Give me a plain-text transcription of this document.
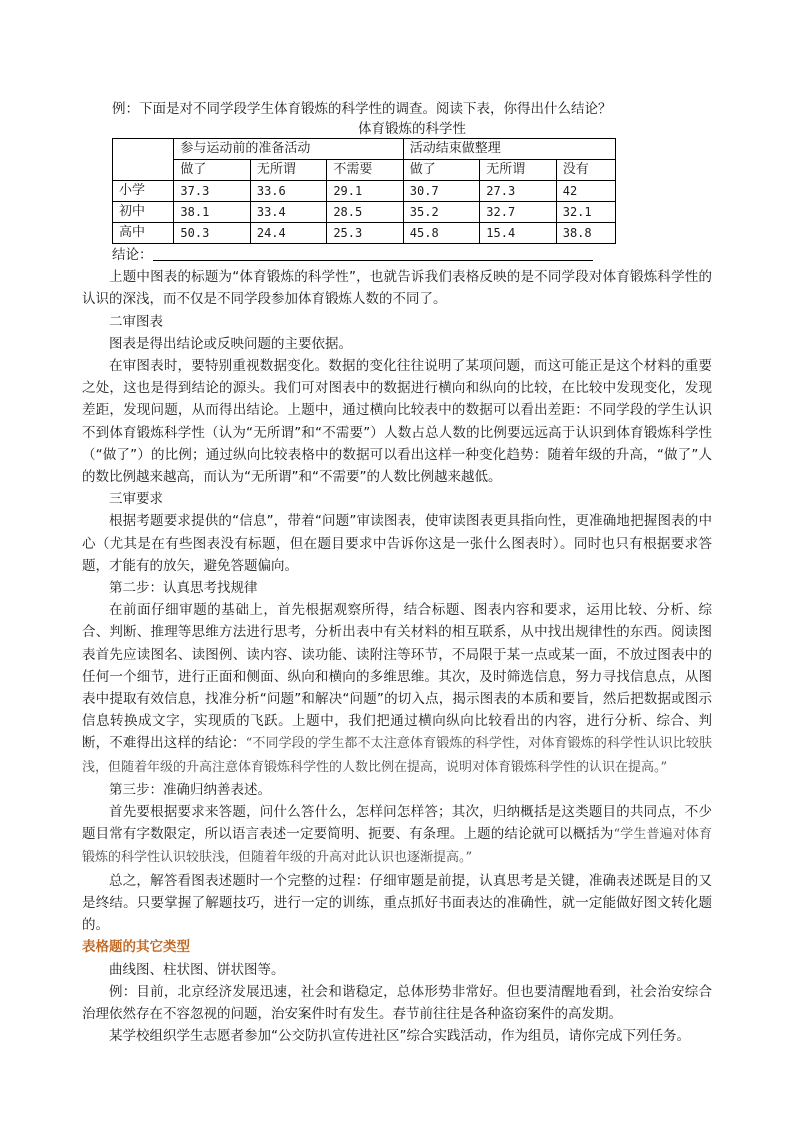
例：下面是对不同学段学生体育锻炼的科学性的调查。阅读下表，你得出什么结论？

体育锻炼的科学性

	参与运动前的准备活动			活动结束做整理		
	做了	无所谓	不需要	做了	无所谓	没有
小学	37.3	33.6	29.1	30.7	27.3	42
初中	38.1	33.4	28.5	35.2	32.7	32.1
高中	50.3	24.4	25.3	45.8	15.4	38.8
结论：

上题中图表的标题为“体育锻炼的科学性”，也就告诉我们表格反映的是不同学段对体育锻炼科学性的认识的深浅，而不仅是不同学段参加体育锻炼人数的不同了。

二审图表

图表是得出结论或反映问题的主要依据。

在审图表时，要特别重视数据变化。数据的变化往往说明了某项问题，而这可能正是这个材料的重要之处，这也是得到结论的源头。我们可对图表中的数据进行横向和纵向的比较，在比较中发现变化，发现差距，发现问题，从而得出结论。上题中，通过横向比较表中的数据可以看出差距：不同学段的学生认识不到体育锻炼科学性（认为“无所谓”和“不需要”）人数占总人数的比例要远远高于认识到体育锻炼科学性（“做了”）的比例；通过纵向比较表格中的数据可以看出这样一种变化趋势：随着年级的升高，“做了”人的数比例越来越高，而认为“无所谓”和“不需要”的人数比例越来越低。

三审要求

根据考题要求提供的“信息”，带着“问题”审读图表，使审读图表更具指向性，更准确地把握图表的中心（尤其是在有些图表没有标题，但在题目要求中告诉你这是一张什么图表时）。同时也只有根据要求答题，才能有的放矢，避免答题偏向。

第二步：认真思考找规律

在前面仔细审题的基础上，首先根据观察所得，结合标题、图表内容和要求，运用比较、分析、综合、判断、推理等思维方法进行思考，分析出表中有关材料的相互联系，从中找出规律性的东西。阅读图表首先应读图名、读图例、读内容、读功能、读附注等环节，不局限于某一点或某一面，不放过图表中的任何一个细节，进行正面和侧面、纵向和横向的多维思维。其次，及时筛选信息，努力寻找信息点，从图表中提取有效信息，找准分析“问题”和解决“问题”的切入点，揭示图表的本质和要旨，然后把数据或图示信息转换成文字，实现质的飞跃。上题中，我们把通过横向纵向比较看出的内容，进行分析、综合、判断，不难得出这样的结论：“不同学段的学生都不太注意体育锻炼的科学性，对体育锻炼的科学性认识比较肤浅，但随着年级的升高注意体育锻炼科学性的人数比例在提高，说明对体育锻炼科学性的认识在提高。”

第三步：准确归纳善表述。

首先要根据要求来答题，问什么答什么，怎样问怎样答；其次，归纳概括是这类题目的共同点，不少题目常有字数限定，所以语言表述一定要简明、扼要、有条理。上题的结论就可以概括为“学生普遍对体育锻炼的科学性认识较肤浅，但随着年级的升高对此认识也逐渐提高。”

总之，解答看图表述题时一个完整的过程：仔细审题是前提，认真思考是关键，准确表述既是目的又是终结。只要掌握了解题技巧，进行一定的训练，重点抓好书面表达的准确性，就一定能做好图文转化题的。

表格题的其它类型

曲线图、柱状图、饼状图等。

例：目前，北京经济发展迅速，社会和谐稳定，总体形势非常好。但也要清醒地看到，社会治安综合治理依然存在不容忽视的问题，治安案件时有发生。春节前往往是各种盗窃案件的高发期。

某学校组织学生志愿者参加“公交防扒宣传进社区”综合实践活动，作为组员，请你完成下列任务。
